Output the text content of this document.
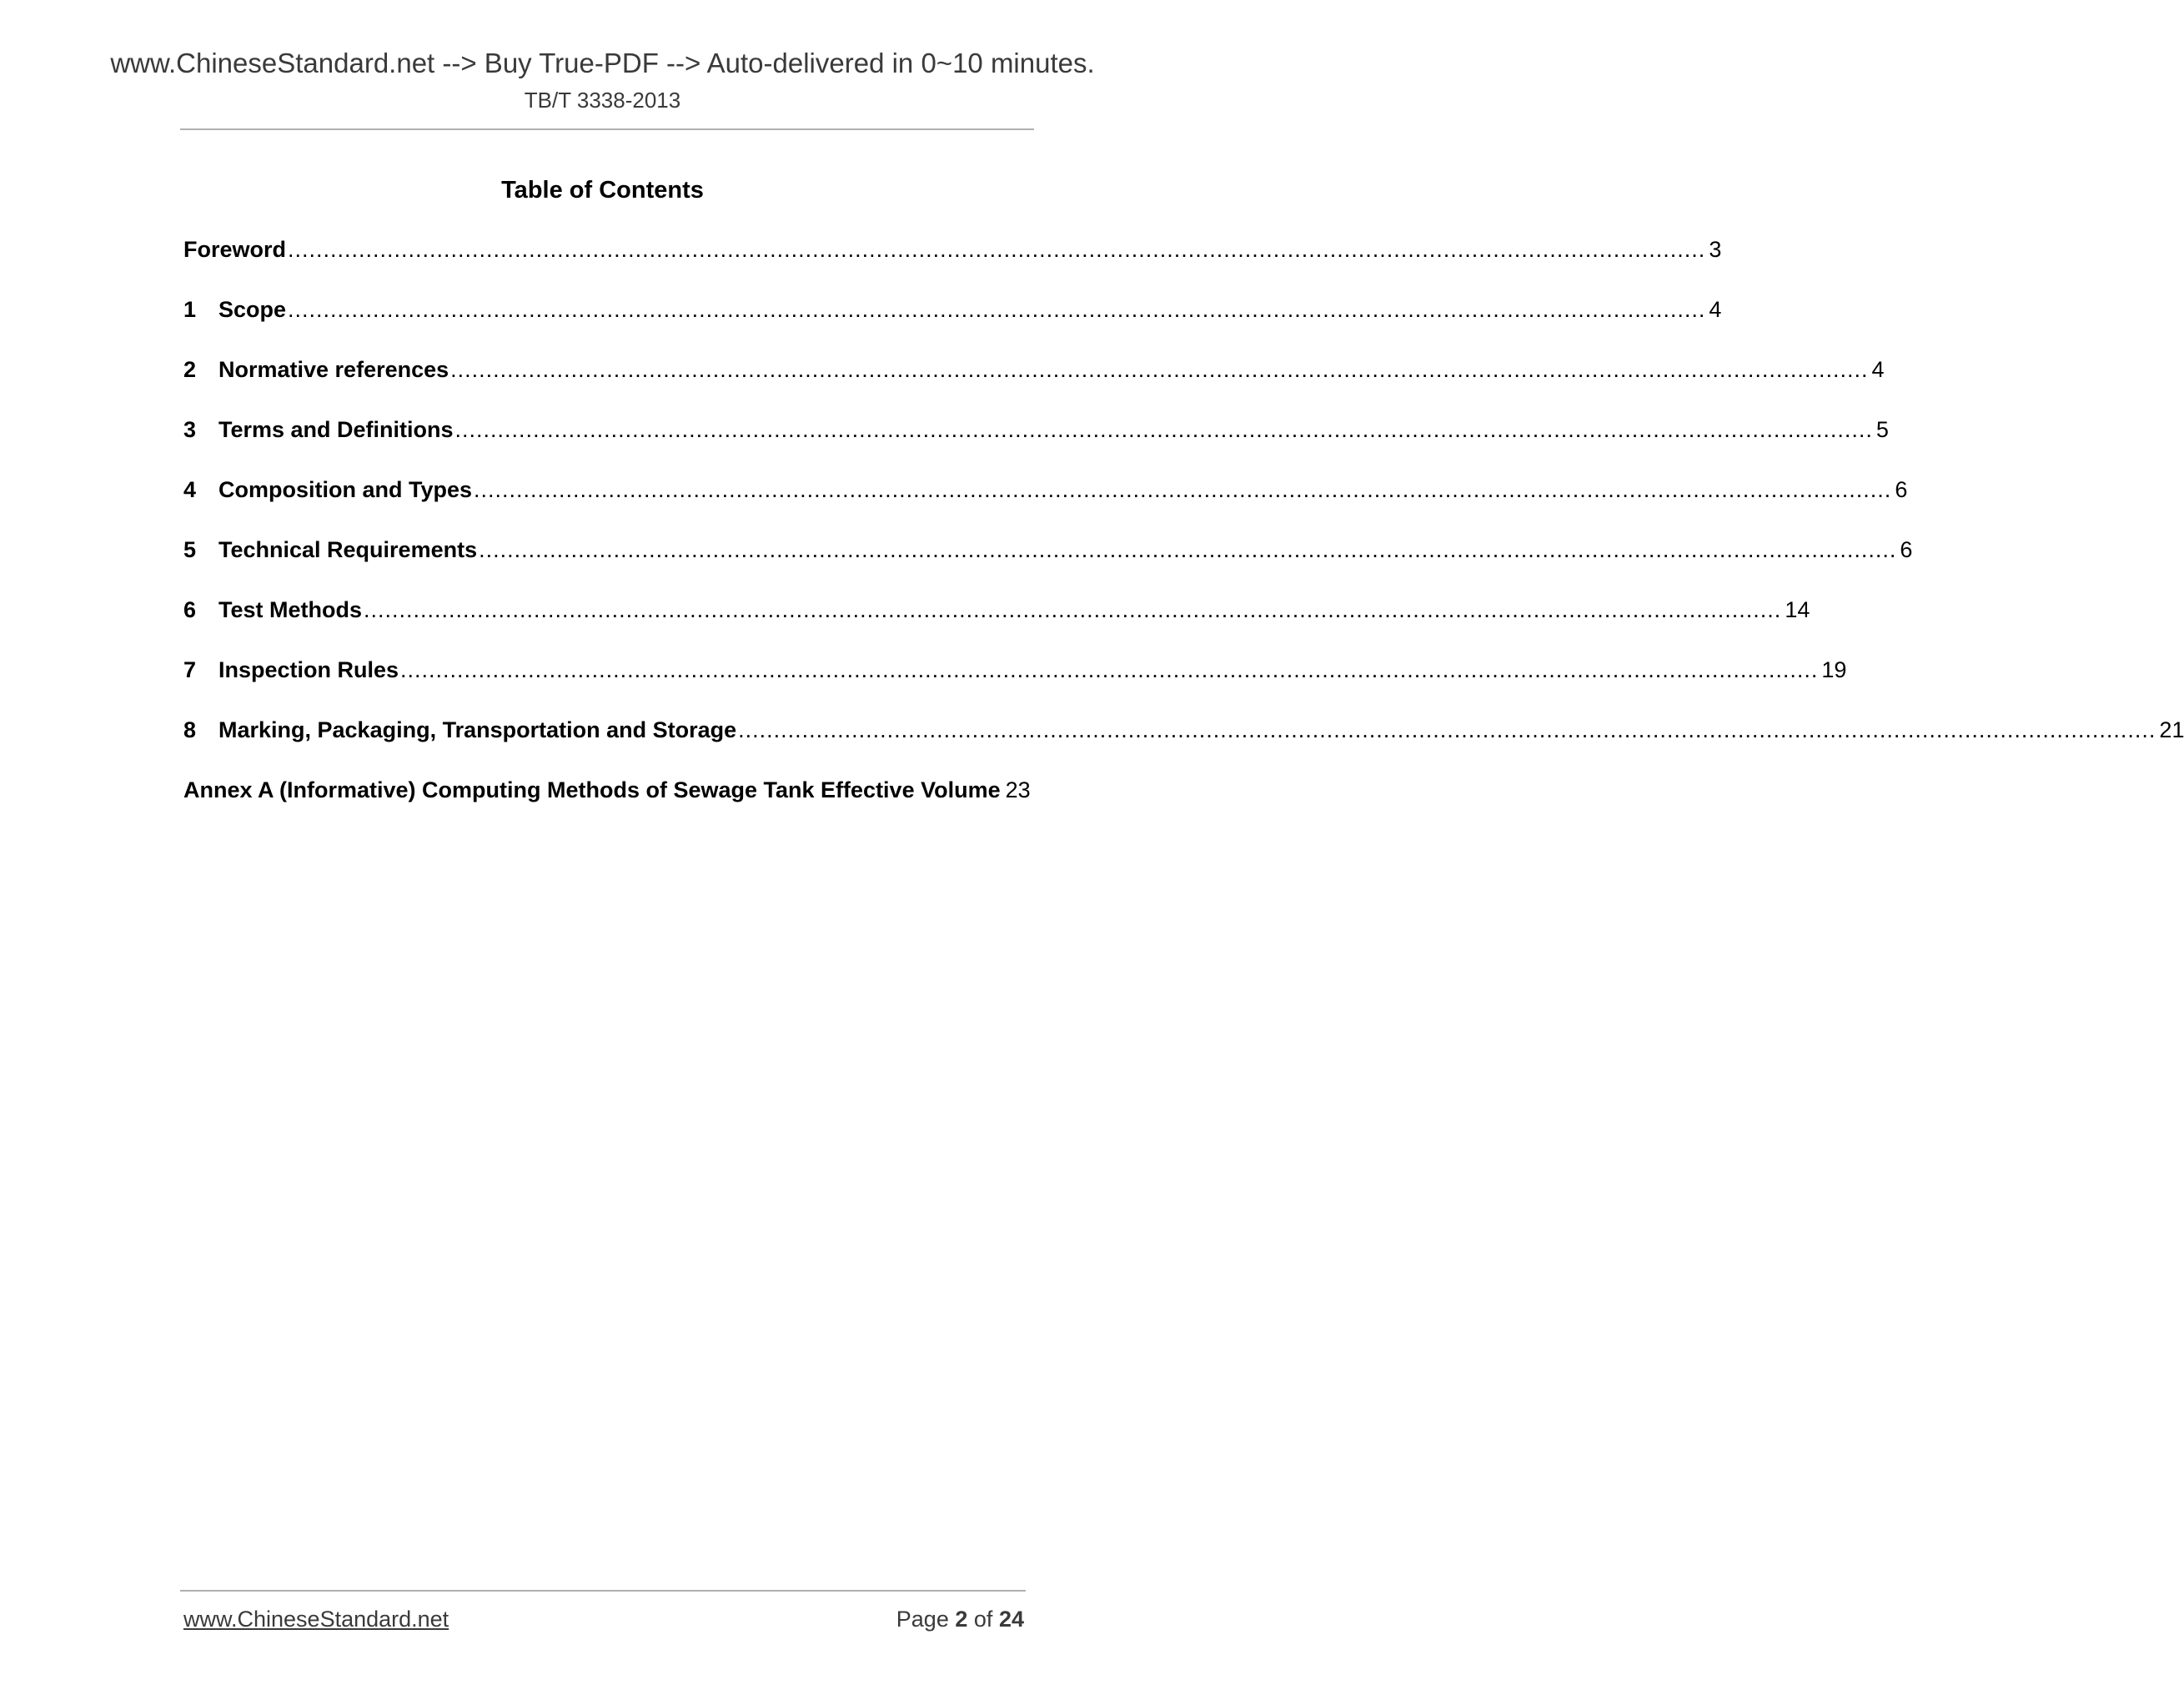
www.ChineseStandard.net --> Buy True-PDF --> Auto-delivered in 0~10 minutes.
TB/T 3338-2013
Table of Contents
Foreword ........................................................................................................................................................................................................ 3
1 Scope ........................................................................................................................................................................................................ 4
2 Normative references ........................................................................................................................................................................................................ 4
3 Terms and Definitions ........................................................................................................................................................................................................ 5
4 Composition and Types ........................................................................................................................................................................................................ 6
5 Technical Requirements ........................................................................................................................................................................................................ 6
6 Test Methods ........................................................................................................................................................................................................ 14
7 Inspection Rules ........................................................................................................................................................................................................ 19
8 Marking, Packaging, Transportation and Storage ........................................................................................................................................................................................................ 21
Annex A (Informative) Computing Methods of Sewage Tank Effective Volume 23
www.ChineseStandard.net	Page 2 of 24
